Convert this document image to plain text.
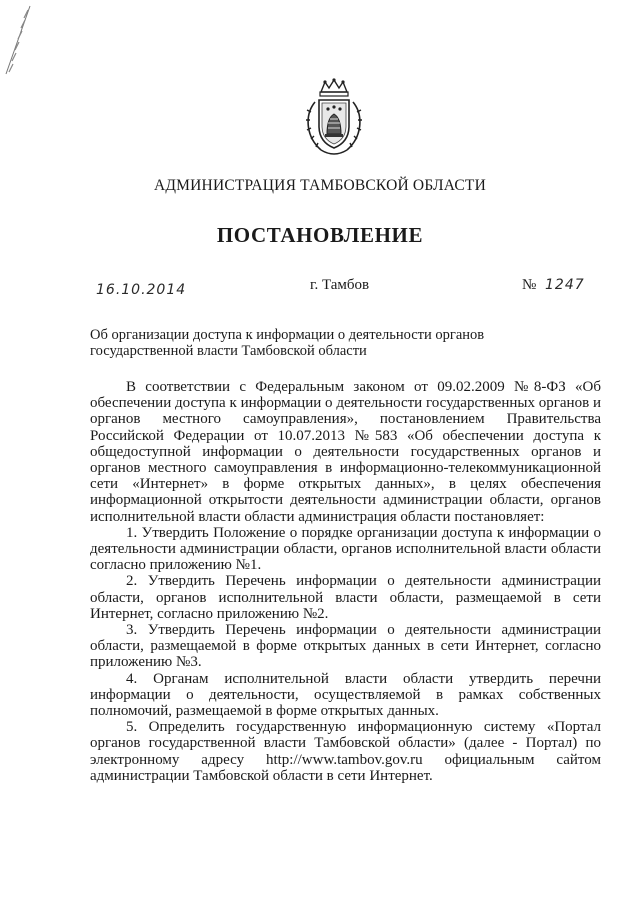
АДМИНИСТРАЦИЯ ТАМБОВСКОЙ ОБЛАСТИ
ПОСТАНОВЛЕНИЕ
16.10.2014	г. Тамбов	№ 1247
Об организации доступа к информации о деятельности органов государственной власти Тамбовской области

В соответствии с Федеральным законом от 09.02.2009 №8-ФЗ «Об обеспечении доступа к информации о деятельности государственных органов и органов местного самоуправления», постановлением Правительства Российской Федерации от 10.07.2013 №583 «Об обеспечении доступа к общедоступной информации о деятельности государственных органов и органов местного самоуправления в информационно-телекоммуникационной сети «Интернет» в форме открытых данных», в целях обеспечения информационной открытости деятельности администрации области, органов исполнительной власти области администрация области постановляет:

1. Утвердить Положение о порядке организации доступа к информации о деятельности администрации области, органов исполнительной власти области согласно приложению №1.

2. Утвердить Перечень информации о деятельности администрации области, органов исполнительной власти области, размещаемой в сети Интернет, согласно приложению №2.

3. Утвердить Перечень информации о деятельности администрации области, размещаемой в форме открытых данных в сети Интернет, согласно приложению №3.

4. Органам исполнительной власти области утвердить перечни информации о деятельности, осуществляемой в рамках собственных полномочий, размещаемой в форме открытых данных.

5. Определить государственную информационную систему «Портал органов государственной власти Тамбовской области» (далее - Портал) по электронному адресу http://www.tambov.gov.ru официальным сайтом администрации Тамбовской области в сети Интернет.
